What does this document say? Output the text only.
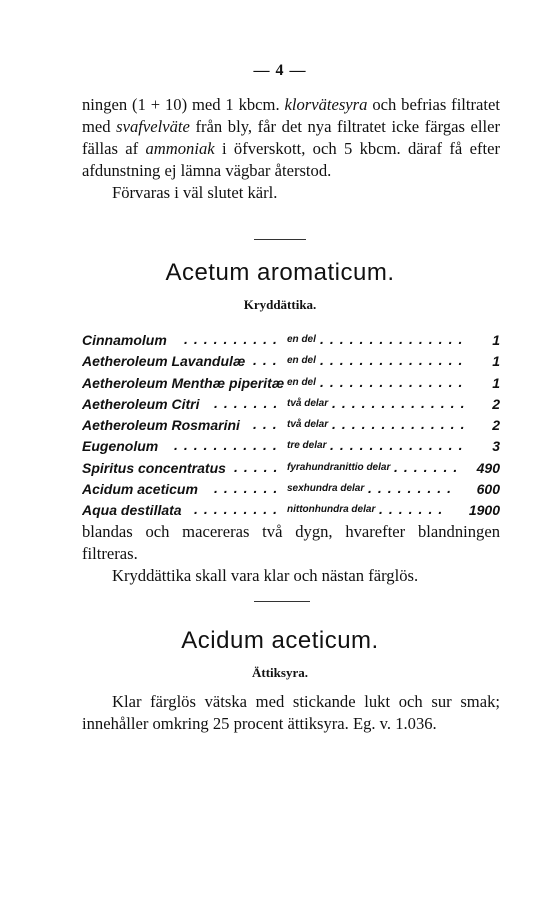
— 4 —

ningen (1 + 10) med 1 kbcm. klorvätesyra och befrias filtratet med svafvelväte från bly, får det nya filtratet icke färgas eller fällas af ammoniak i öfverskott, och 5 kbcm. däraf få efter afdunstning ej lämna vägbar återstod.

Förvaras i väl slutet kärl.

Acetum aromaticum.
Kryddättika.
Cinnamolum .......... en del ............... 1
Aetheroleum Lavandulæ ... en del ............... 1
Aetheroleum Menthæ piperitæ en del ............... 1
Aetheroleum Citri ....... två delar .............. 2
Aetheroleum Rosmarini ... två delar .............. 2
Eugenolum ........... tre delar .............. 3
Spiritus concentratus ..... fyrahundranittio delar ....... 490
Acidum aceticum ....... sexhundra delar ......... 600
Aqua destillata ......... nittonhundra delar ....... 1900

blandas och macereras två dygn, hvarefter blandningen filtreras.

Kryddättika skall vara klar och nästan färglös.

Acidum aceticum.
Ättiksyra.

Klar färglös vätska med stickande lukt och sur smak; innehåller omkring 25 procent ättiksyra. Eg. v. 1.036.
